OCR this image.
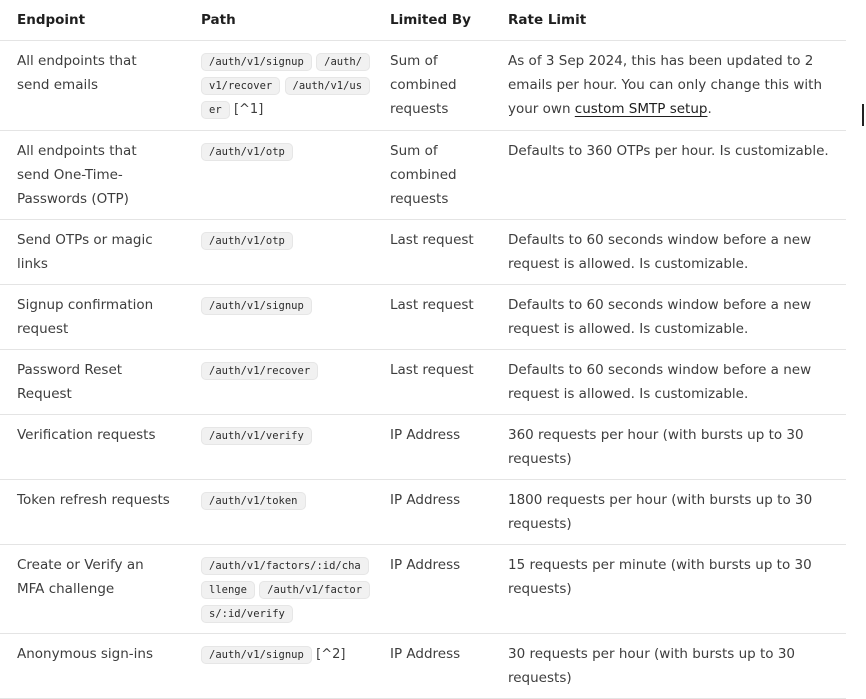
Endpoint	Path	Limited By	Rate Limit
All endpoints that send emails	/auth/v1/signup /auth/v1/recover /auth/v1/user [^1]	Sum of combined requests	As of 3 Sep 2024, this has been updated to 2 emails per hour. You can only change this with your own custom SMTP setup.
All endpoints that send One-Time-Passwords (OTP)	/auth/v1/otp	Sum of combined requests	Defaults to 360 OTPs per hour. Is customizable.
Send OTPs or magic links	/auth/v1/otp	Last request	Defaults to 60 seconds window before a new request is allowed. Is customizable.
Signup confirmation request	/auth/v1/signup	Last request	Defaults to 60 seconds window before a new request is allowed. Is customizable.
Password Reset Request	/auth/v1/recover	Last request	Defaults to 60 seconds window before a new request is allowed. Is customizable.
Verification requests	/auth/v1/verify	IP Address	360 requests per hour (with bursts up to 30 requests)
Token refresh requests	/auth/v1/token	IP Address	1800 requests per hour (with bursts up to 30 requests)
Create or Verify an MFA challenge	/auth/v1/factors/:id/challenge /auth/v1/factors/:id/verify	IP Address	15 requests per minute (with bursts up to 30 requests)
Anonymous sign-ins	/auth/v1/signup [^2]	IP Address	30 requests per hour (with bursts up to 30 requests)
